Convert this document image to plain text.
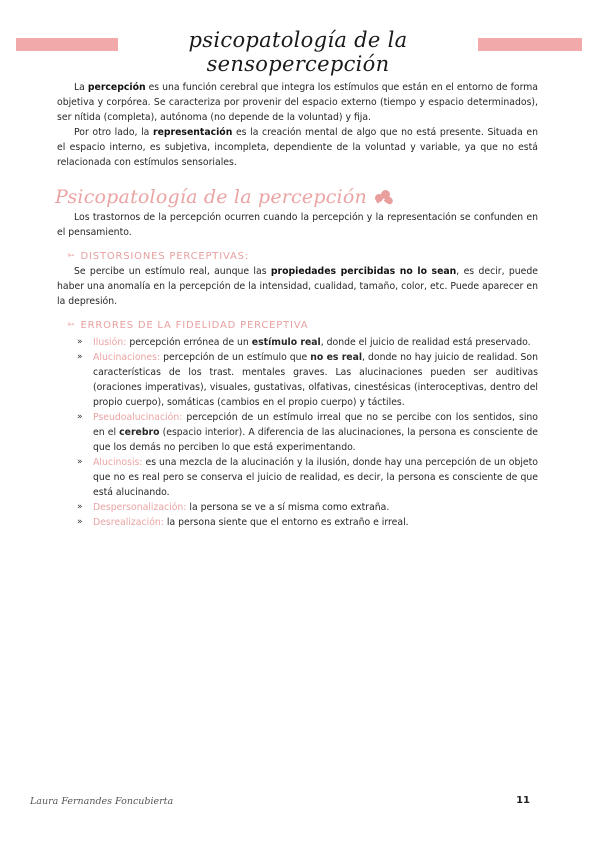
psicopatología de la sensopercepción

La percepción es una función cerebral que integra los estímulos que están en el entorno de forma objetiva y corpórea. Se caracteriza por provenir del espacio externo (tiempo y espacio determinados), ser nítida (completa), autónoma (no depende de la voluntad) y fija.

Por otro lado, la representación es la creación mental de algo que no está presente. Situada en el espacio interno, es subjetiva, incompleta, dependiente de la voluntad y variable, ya que no está relacionada con estímulos sensoriales.

Psicopatología de la percepción

Los trastornos de la percepción ocurren cuando la percepción y la representación se confunden en el pensamiento.

➳ DISTORSIONES PERCEPTIVAS:

Se percibe un estímulo real, aunque las propiedades percibidas no lo sean, es decir, puede haber una anomalía en la percepción de la intensidad, cualidad, tamaño, color, etc. Puede aparecer en la depresión.

➳ ERRORES DE LA FIDELIDAD PERCEPTIVA
» Ilusión: percepción errónea de un estímulo real, donde el juicio de realidad está preservado.
» Alucinaciones: percepción de un estímulo que no es real, donde no hay juicio de realidad. Son características de los trast. mentales graves. Las alucinaciones pueden ser auditivas (oraciones imperativas), visuales, gustativas, olfativas, cinestésicas (interoceptivas, dentro del propio cuerpo), somáticas (cambios en el propio cuerpo) y táctiles.
» Pseudoalucinación: percepción de un estímulo irreal que no se percibe con los sentidos, sino en el cerebro (espacio interior). A diferencia de las alucinaciones, la persona es consciente de que los demás no perciben lo que está experimentando.
» Alucinosis: es una mezcla de la alucinación y la ilusión, donde hay una percepción de un objeto que no es real pero se conserva el juicio de realidad, es decir, la persona es consciente de que está alucinando.
» Despersonalización: la persona se ve a sí misma como extraña.
» Desrealización: la persona siente que el entorno es extraño e irreal.
Laura Fernandes Foncubierta	11
